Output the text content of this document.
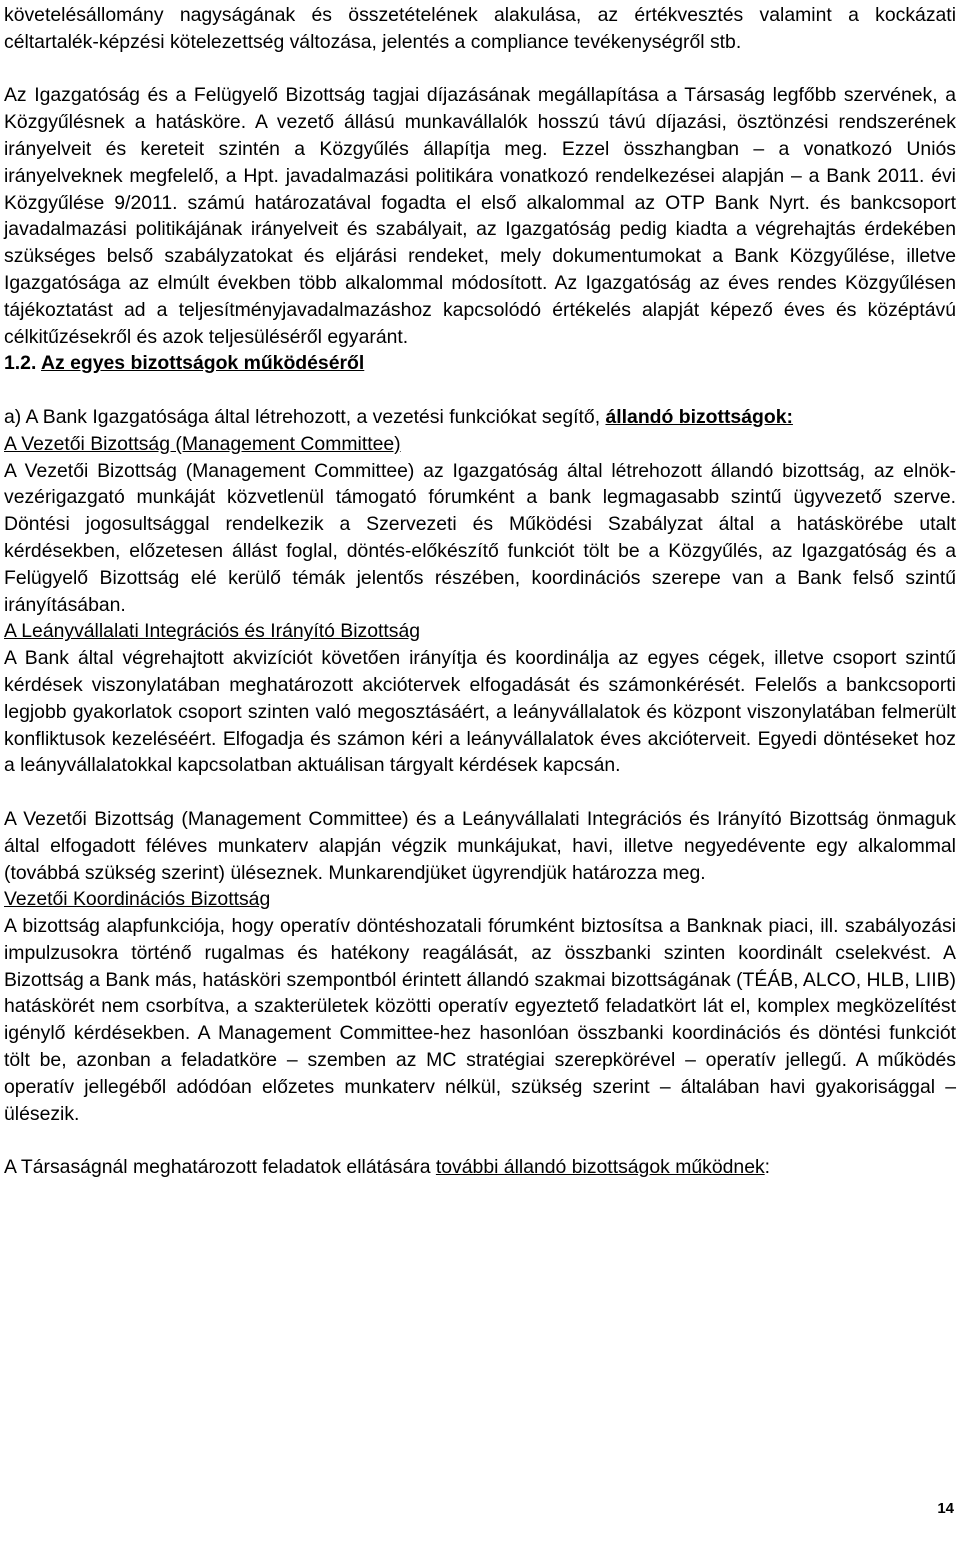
követelésállomány nagyságának és összetételének alakulása, az értékvesztés valamint a kockázati céltartalék-képzési kötelezettség változása, jelentés a compliance tevékenységről stb.

Az Igazgatóság és a Felügyelő Bizottság tagjai díjazásának megállapítása a Társaság legfőbb szervének, a Közgyűlésnek a hatásköre. A vezető állású munkavállalók hosszú távú díjazási, ösztönzési rendszerének irányelveit és kereteit szintén a Közgyűlés állapítja meg. Ezzel összhangban – a vonatkozó Uniós irányelveknek megfelelő, a Hpt. javadalmazási politikára vonatkozó rendelkezései alapján – a Bank 2011. évi Közgyűlése 9/2011. számú határozatával fogadta el első alkalommal az OTP Bank Nyrt. és bankcsoport javadalmazási politikájának irányelveit és szabályait, az Igazgatóság pedig kiadta a végrehajtás érdekében szükséges belső szabályzatokat és eljárási rendeket, mely dokumentumokat a Bank Közgyűlése, illetve Igazgatósága az elmúlt években több alkalommal módosított. Az Igazgatóság az éves rendes Közgyűlésen tájékoztatást ad a teljesítményjavadalmazáshoz kapcsolódó értékelés alapját képező éves és középtávú célkitűzésekről és azok teljesüléséről egyaránt.

1.2. Az egyes bizottságok működéséről

a) A Bank Igazgatósága által létrehozott, a vezetési funkciókat segítő, állandó bizottságok:

A Vezetői Bizottság (Management Committee)

A Vezetői Bizottság (Management Committee) az Igazgatóság által létrehozott állandó bizottság, az elnök-vezérigazgató munkáját közvetlenül támogató fórumként a bank legmagasabb szintű ügyvezető szerve. Döntési jogosultsággal rendelkezik a Szervezeti és Működési Szabályzat által a hatáskörébe utalt kérdésekben, előzetesen állást foglal, döntés-előkészítő funkciót tölt be a Közgyűlés, az Igazgatóság és a Felügyelő Bizottság elé kerülő témák jelentős részében, koordinációs szerepe van a Bank felső szintű irányításában.

A Leányvállalati Integrációs és Irányító Bizottság

A Bank által végrehajtott akvizíciót követően irányítja és koordinálja az egyes cégek, illetve csoport szintű kérdések viszonylatában meghatározott akciótervek elfogadását és számonkérését. Felelős a bankcsoporti legjobb gyakorlatok csoport szinten való megosztásáért, a leányvállalatok és központ viszonylatában felmerült konfliktusok kezeléséért. Elfogadja és számon kéri a leányvállalatok éves akcióterveit. Egyedi döntéseket hoz a leányvállalatokkal kapcsolatban aktuálisan tárgyalt kérdések kapcsán.

A Vezetői Bizottság (Management Committee) és a Leányvállalati Integrációs és Irányító Bizottság önmaguk által elfogadott féléves munkaterv alapján végzik munkájukat, havi, illetve negyedévente egy alkalommal (továbbá szükség szerint) üléseznek. Munkarendjüket ügyrendjük határozza meg.

Vezetői Koordinációs Bizottság

A bizottság alapfunkciója, hogy operatív döntéshozatali fórumként biztosítsa a Banknak piaci, ill. szabályozási impulzusokra történő rugalmas és hatékony reagálását, az összbanki szinten koordinált cselekvést. A Bizottság a Bank más, hatásköri szempontból érintett állandó szakmai bizottságának (TÉÁB, ALCO, HLB, LIIB) hatáskörét nem csorbítva, a szakterületek közötti operatív egyeztető feladatkört lát el, komplex megközelítést igénylő kérdésekben. A Management Committee-hez hasonlóan összbanki koordinációs és döntési funkciót tölt be, azonban a feladatköre – szemben az MC stratégiai szerepkörével – operatív jellegű. A működés operatív jellegéből adódóan előzetes munkaterv nélkül, szükség szerint – általában havi gyakorisággal – ülésezik.

A Társaságnál meghatározott feladatok ellátására további állandó bizottságok működnek:

14
